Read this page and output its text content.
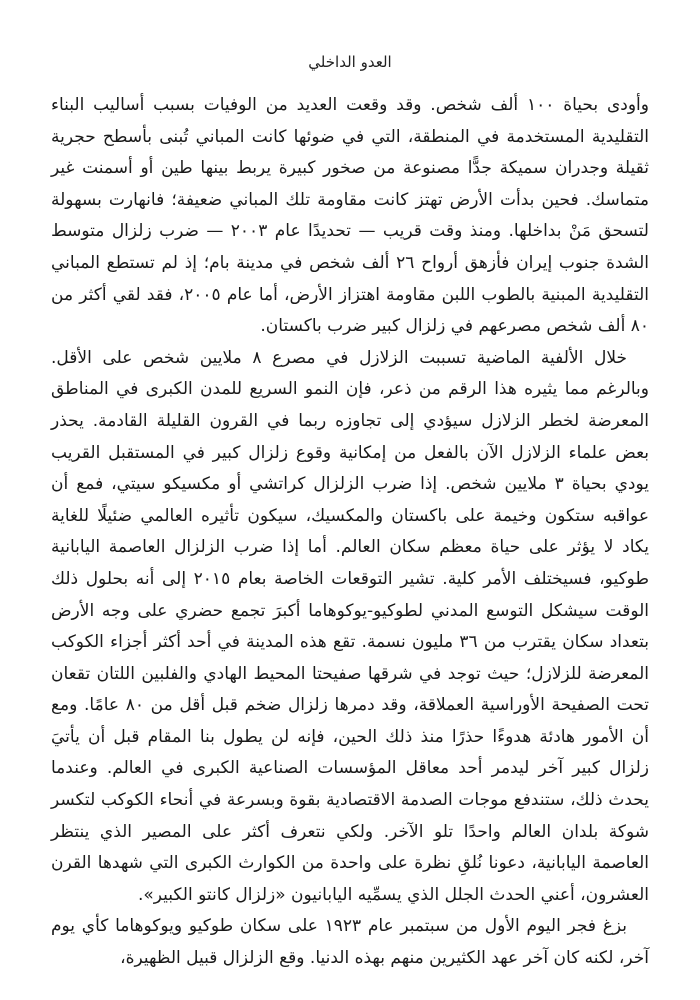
العدو الداخلي

وأودى بحياة ١٠٠ ألف شخص. وقد وقعت العديد من الوفيات بسبب أساليب البناء التقليدية المستخدمة في المنطقة، التي في ضوئها كانت المباني تُبنى بأسطح حجرية ثقيلة وجدران سميكة جدًّا مصنوعة من صخور كبيرة يربط بينها طين أو أسمنت غير متماسك. فحين بدأت الأرض تهتز كانت مقاومة تلك المباني ضعيفة؛ فانهارت بسهولة لتسحق مَنْ بداخلها. ومنذ وقت قريب — تحديدًا عام ٢٠٠٣ — ضرب زلزال متوسط الشدة جنوب إيران فأزهق أرواح ٢٦ ألف شخص في مدينة بام؛ إذ لم تستطع المباني التقليدية المبنية بالطوب اللبن مقاومة اهتزاز الأرض، أما عام ٢٠٠٥، فقد لقي أكثر من ٨٠ ألف شخص مصرعهم في زلزال كبير ضرب باكستان.

خلال الألفية الماضية تسببت الزلازل في مصرع ٨ ملايين شخص على الأقل. وبالرغم مما يثيره هذا الرقم من ذعر، فإن النمو السريع للمدن الكبرى في المناطق المعرضة لخطر الزلازل سيؤدي إلى تجاوزه ربما في القرون القليلة القادمة. يحذر بعض علماء الزلازل الآن بالفعل من إمكانية وقوع زلزال كبير في المستقبل القريب يودي بحياة ٣ ملايين شخص. إذا ضرب الزلزال كراتشي أو مكسيكو سيتي، فمع أن عواقبه ستكون وخيمة على باكستان والمكسيك، سيكون تأثيره العالمي ضئيلًا للغاية يكاد لا يؤثر على حياة معظم سكان العالم. أما إذا ضرب الزلزال العاصمة اليابانية طوكيو، فسيختلف الأمر كلية. تشير التوقعات الخاصة بعام ٢٠١٥ إلى أنه بحلول ذلك الوقت سيشكل التوسع المدني لطوكيو-يوكوهاما أكبرَ تجمع حضري على وجه الأرض بتعداد سكان يقترب من ٣٦ مليون نسمة. تقع هذه المدينة في أحد أكثر أجزاء الكوكب المعرضة للزلازل؛ حيث توجد في شرقها صفيحتا المحيط الهادي والفلبين اللتان تقعان تحت الصفيحة الأوراسية العملاقة، وقد دمرها زلزال ضخم قبل أقل من ٨٠ عامًا. ومع أن الأمور هادئة هدوءًا حذرًا منذ ذلك الحين، فإنه لن يطول بنا المقام قبل أن يأتيَ زلزال كبير آخر ليدمر أحد معاقل المؤسسات الصناعية الكبرى في العالم. وعندما يحدث ذلك، ستندفع موجات الصدمة الاقتصادية بقوة وبسرعة في أنحاء الكوكب لتكسر شوكة بلدان العالم واحدًا تلو الآخر. ولكي نتعرف أكثر على المصير الذي ينتظر العاصمة اليابانية، دعونا نُلقِ نظرة على واحدة من الكوارث الكبرى التي شهدها القرن العشرون، أعني الحدث الجلل الذي يسمِّيه اليابانيون «زلزال كانتو الكبير».

بزغ فجر اليوم الأول من سبتمبر عام ١٩٢٣ على سكان طوكيو ويوكوهاما كأي يوم آخر، لكنه كان آخر عهد الكثيرين منهم بهذه الدنيا. وقع الزلزال قبيل الظهيرة،
